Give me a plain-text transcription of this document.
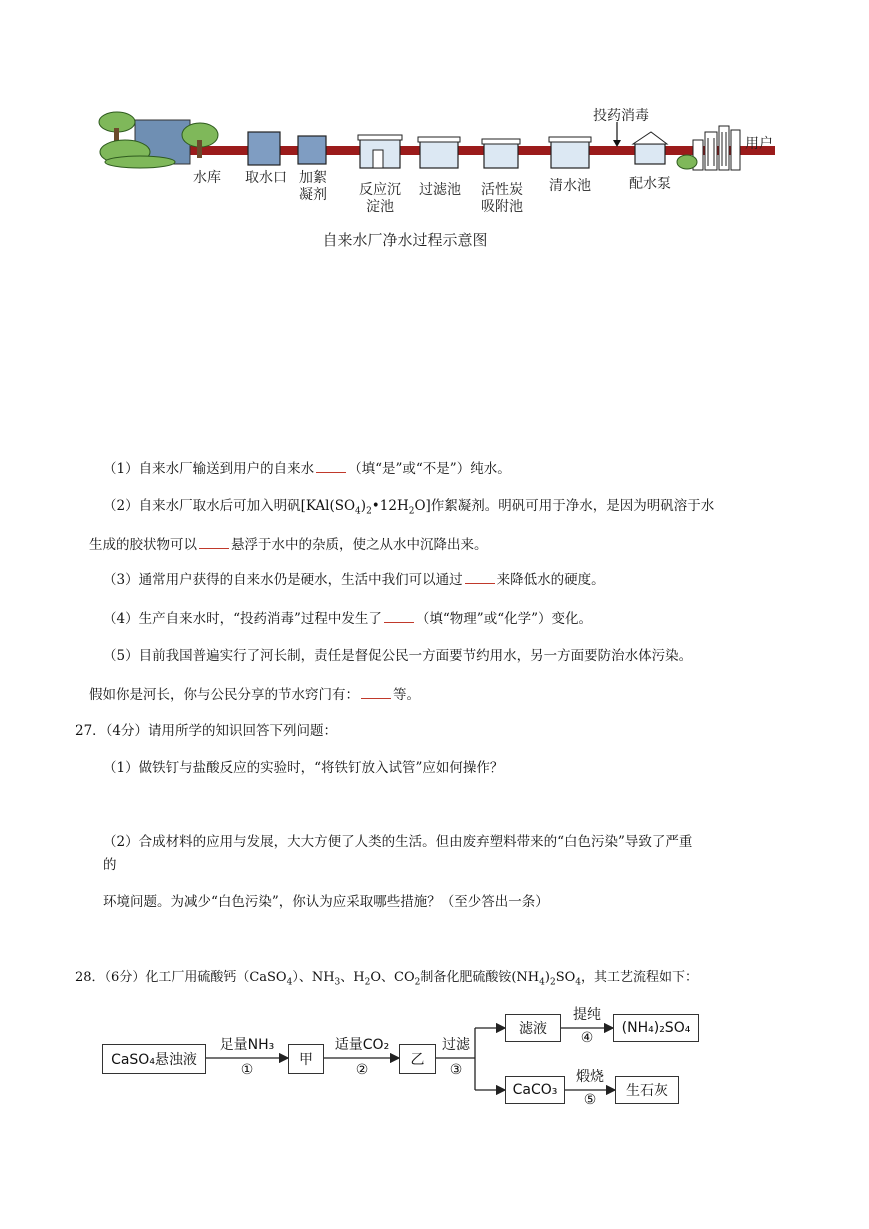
投药消毒
用户
水库	取水口 加絮
凝剂	反应沉
淀池
过滤池	活性炭
吸附池
清水池	配水泵
自来水厂净水过程示意图
（1）自来水厂输送到用户的自来水	（填“是”或“不是”）纯水。
（2）自来水厂取水后可加入明矾$[KAl(SO_4)_2•12H_2O]$作絮凝剂。明矾可用于净水，是因为明矾溶于水
生成的胶状物可以	悬浮于水中的杂质，使之从水中沉降出来。
（3）通常用户获得的自来水仍是硬水，生活中我们可以通过	来降低水的硬度。
（4）生产自来水时，“投药消毒”过程中发生了	（填“物理”或“化学”）变化。
（5）目前我国普遍实行了河长制，责任是督促公民一方面要节约用水，另一方面要防治水体污染。
假如你是河长，你与公民分享的节水窍门有：	等。
27．（4分）请用所学的知识回答下列问题：
（1）做铁钉与盐酸反应的实验时，“将铁钉放入试管”应如何操作？
（2）合成材料的应用与发展，大大方便了人类的生活。但由废弃塑料带来的“白色污染”导致了严重
的
环境问题。为减少“白色污染”，你认为应采取哪些措施？（至少答出一条）
28．（6分）化工厂用硫酸钙（CaSO$_4$）、$NH_3$、$H_2O$、$CO_2$制备化肥硫酸铵$(NH_4)_2SO_4$，其工艺流程如下：
CaSO₄悬浊液	甲	乙
滤液	(NH₄)₂SO₄
CaCO₃	生石灰
足量NH₃
①
适量CO₂
②
过滤
③
提纯
④
煅烧
⑤
